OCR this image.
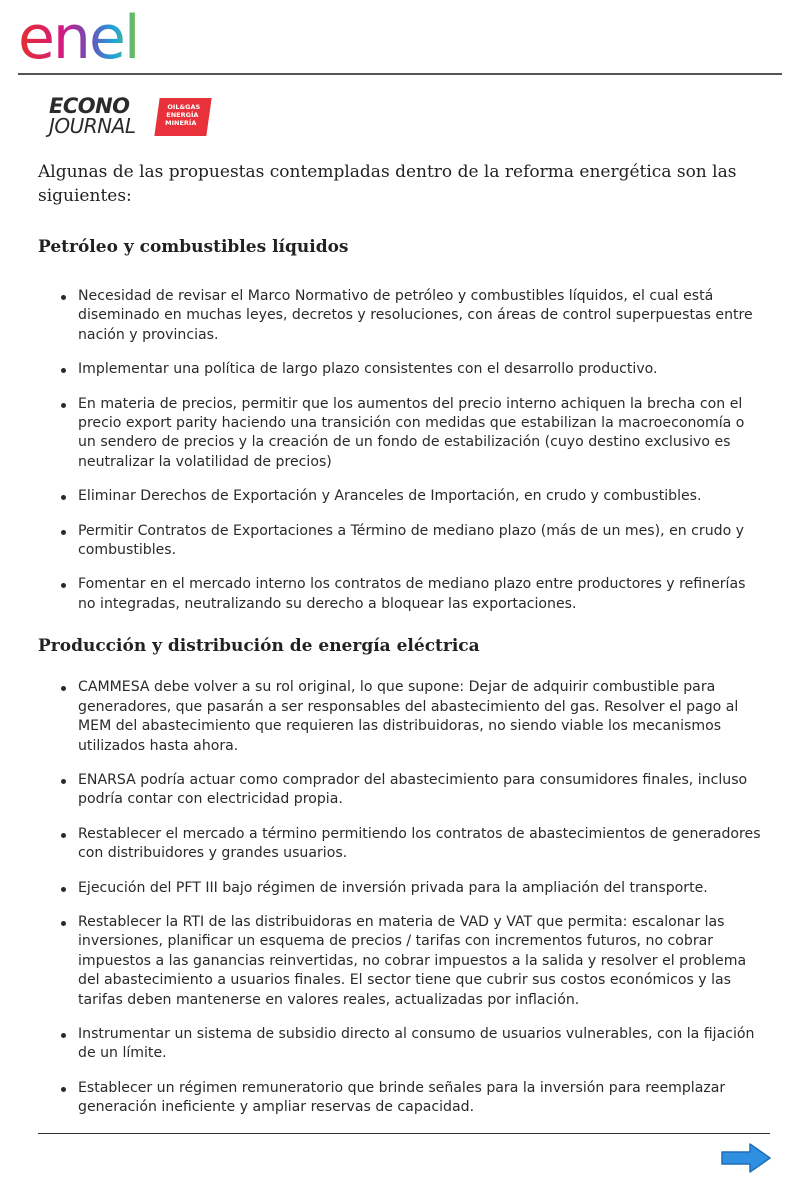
enel
ECONO
JOURNAL
OIL&GAS
ENERGÍA
MINERÍA

Algunas de las propuestas contempladas dentro de la reforma energética son las siguientes:

Petróleo y combustibles líquidos
Necesidad de revisar el Marco Normativo de petróleo y combustibles líquidos, el cual está diseminado en muchas leyes, decretos y resoluciones, con áreas de control superpuestas entre nación y provincias.
Implementar una política de largo plazo consistentes con el desarrollo productivo.
En materia de precios, permitir que los aumentos del precio interno achiquen la brecha con el precio export parity haciendo una transición con medidas que estabilizan la macroeconomía o un sendero de precios y la creación de un fondo de estabilización (cuyo destino exclusivo es neutralizar la volatilidad de precios)
Eliminar Derechos de Exportación y Aranceles de Importación, en crudo y combustibles.
Permitir Contratos de Exportaciones a Término de mediano plazo (más de un mes), en crudo y combustibles.
Fomentar en el mercado interno los contratos de mediano plazo entre productores y refinerías no integradas, neutralizando su derecho a bloquear las exportaciones.
Producción y distribución de energía eléctrica
CAMMESA debe volver a su rol original, lo que supone: Dejar de adquirir combustible para generadores, que pasarán a ser responsables del abastecimiento del gas. Resolver el pago al MEM del abastecimiento que requieren las distribuidoras, no siendo viable los mecanismos utilizados hasta ahora.
ENARSA podría actuar como comprador del abastecimiento para consumidores finales, incluso podría contar con electricidad propia.
Restablecer el mercado a término permitiendo los contratos de abastecimientos de generadores con distribuidores y grandes usuarios.
Ejecución del PFT III bajo régimen de inversión privada para la ampliación del transporte.
Restablecer la RTI de las distribuidoras en materia de VAD y VAT que permita: escalonar las inversiones, planificar un esquema de precios / tarifas con incrementos futuros, no cobrar impuestos a las ganancias reinvertidas, no cobrar impuestos a la salida y resolver el problema del abastecimiento a usuarios finales. El sector tiene que cubrir sus costos económicos y las tarifas deben mantenerse en valores reales, actualizadas por inflación.
Instrumentar un sistema de subsidio directo al consumo de usuarios vulnerables, con la fijación de un límite.
Establecer un régimen remuneratorio que brinde señales para la inversión para reemplazar generación ineficiente y ampliar reservas de capacidad.
